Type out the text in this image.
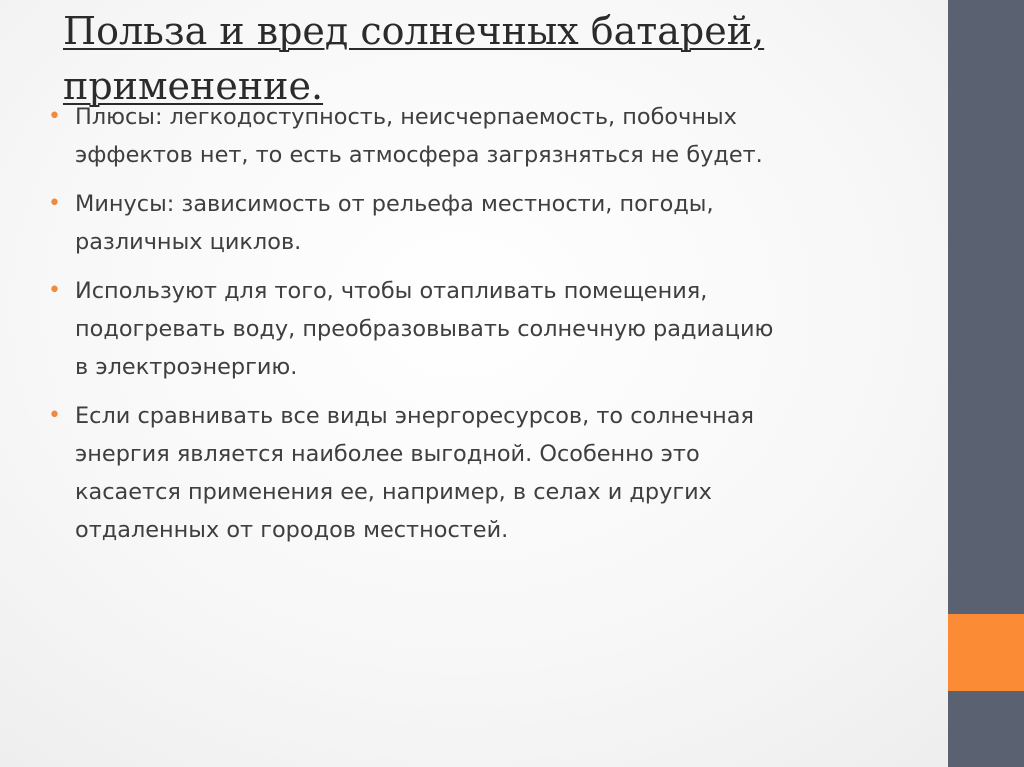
Польза и вред солнечных батарей,
применение.
• Плюсы: легкодоступность, неисчерпаемость, побочных
эффектов нет, то есть атмосфера загрязняться не будет.
• Минусы: зависимость от рельефа местности, погоды,
различных циклов.
• Используют для того, чтобы отапливать помещения,
подогревать воду, преобразовывать солнечную радиацию
в электроэнергию.
• Если сравнивать все виды энергоресурсов, то солнечная
энергия является наиболее выгодной. Особенно это
касается применения ее, например, в селах и других
отдаленных от городов местностей.
